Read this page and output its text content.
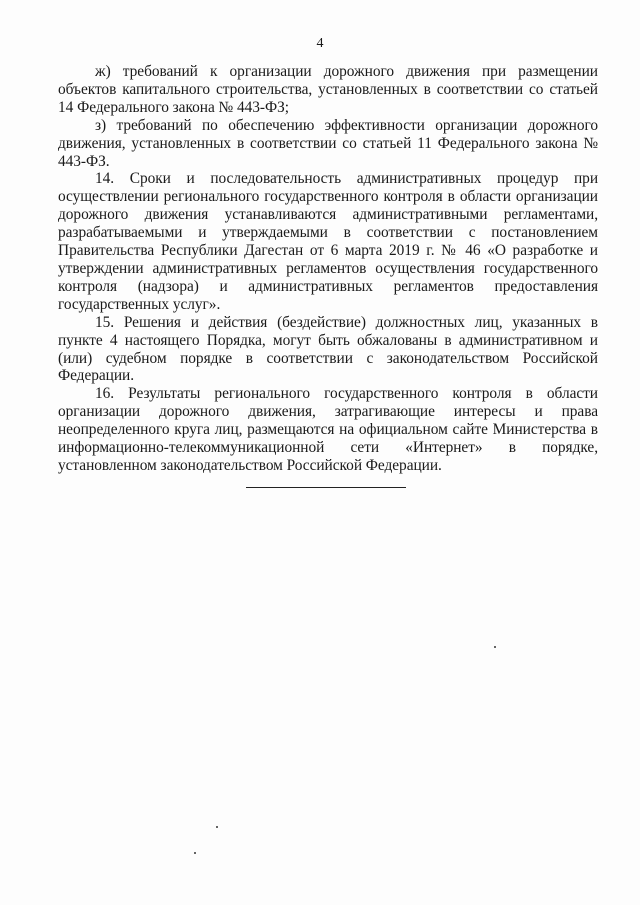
4

ж) требований к организации дорожного движения при размещении объектов капитального строительства, установленных в соответствии со статьей 14 Федерального закона № 443-ФЗ;

з) требований по обеспечению эффективности организации дорожного движения, установленных в соответствии со статьей 11 Федерального закона № 443-ФЗ.

14. Сроки и последовательность административных процедур при осуществлении регионального государственного контроля в области организации дорожного движения устанавливаются административными регламентами, разрабатываемыми и утверждаемыми в соответствии с постановлением Правительства Республики Дагестан от 6 марта 2019 г. № 46 «О разработке и утверждении административных регламентов осуществления государственного контроля (надзора) и административных регламентов предоставления государственных услуг».

15. Решения и действия (бездействие) должностных лиц, указанных в пункте 4 настоящего Порядка, могут быть обжалованы в административном и (или) судебном порядке в соответствии с законодательством Российской Федерации.

16. Результаты регионального государственного контроля в области организации дорожного движения, затрагивающие интересы и права неопределенного круга лиц, размещаются на официальном сайте Министерства в информационно-телекоммуникационной сети «Интернет» в порядке, установленном законодательством Российской Федерации.
